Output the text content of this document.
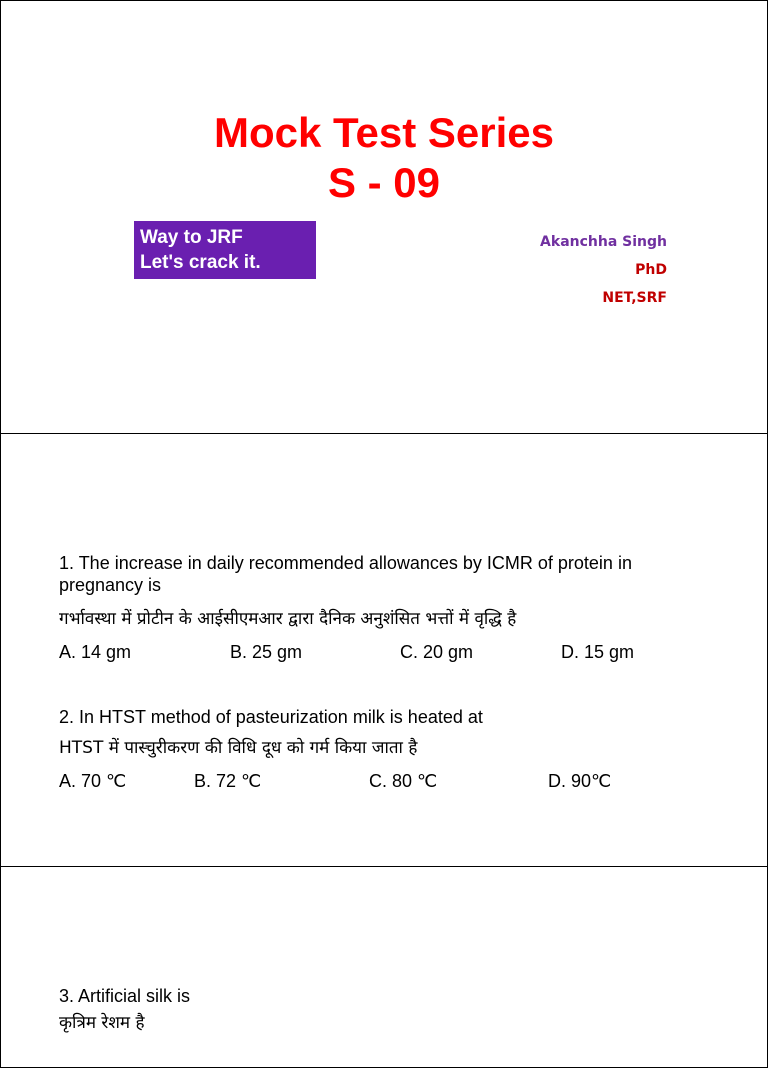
Mock Test Series
S - 09
Way to JRF
Let's crack it.
Akanchha Singh
PhD
NET,SRF
1. The increase in daily recommended allowances by ICMR of protein in pregnancy is
गर्भावस्था में प्रोटीन के आईसीएमआर द्वारा दैनिक अनुशंसित भत्तों में वृद्धि है
A. 14 gm	B. 25 gm	C. 20 gm	D. 15 gm
2. In HTST method of pasteurization milk is heated at
HTST में पास्चुरीकरण की विधि दूध को गर्म किया जाता है
A. 70 ℃	B. 72 ℃	C. 80 ℃	D. 90℃
3. Artificial silk is
कृत्रिम रेशम है
